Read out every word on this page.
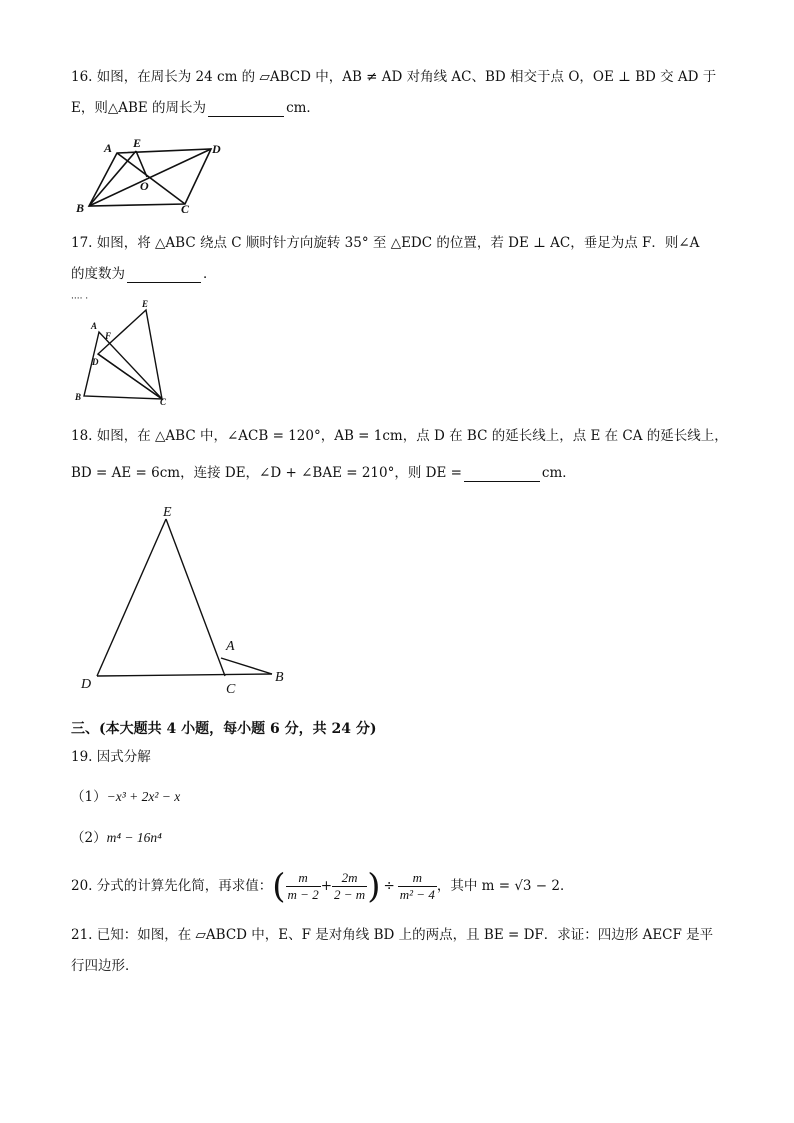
16. 如图，在周长为 24 cm 的 ▱ABCD 中，AB ≠ AD 对角线 AC、BD 相交于点 O，OE ⊥ BD 交 AD 于
E，则△ABE 的周长为	cm．
A E	D
O
B	C
17. 如图，将 △ABC 绕点 C 顺时针方向旋转 35° 至 △EDC 的位置，若 DE ⊥ AC，垂足为点 F．则∠A
的度数为	．
···· ·	E
A
F
D
B	C
18. 如图，在 △ABC 中，∠ACB = 120°，AB = 1cm，点 D 在 BC 的延长线上，点 E 在 CA 的延长线上，
BD = AE = 6cm，连接 DE，∠D + ∠BAE = 210°，则 DE =	cm．
E
A
D	C
B
三、(本大题共 4 小题，每小题 6 分，共 24 分)
19. 因式分解
（1）−x³ + 2x² − x
（2）m⁴ − 16n⁴
20. 分式的计算先化简，再求值：( $\frac{m}{m - 2} + \frac{2m}{2 - m}$ ) ÷ $\frac{m}{\text{m² − 4}}$ ，其中 m = √3 − 2．
21. 已知：如图，在 ▱ABCD 中，E、F 是对角线 BD 上的两点，且 BE = DF．求证：四边形 AECF 是平
行四边形．
